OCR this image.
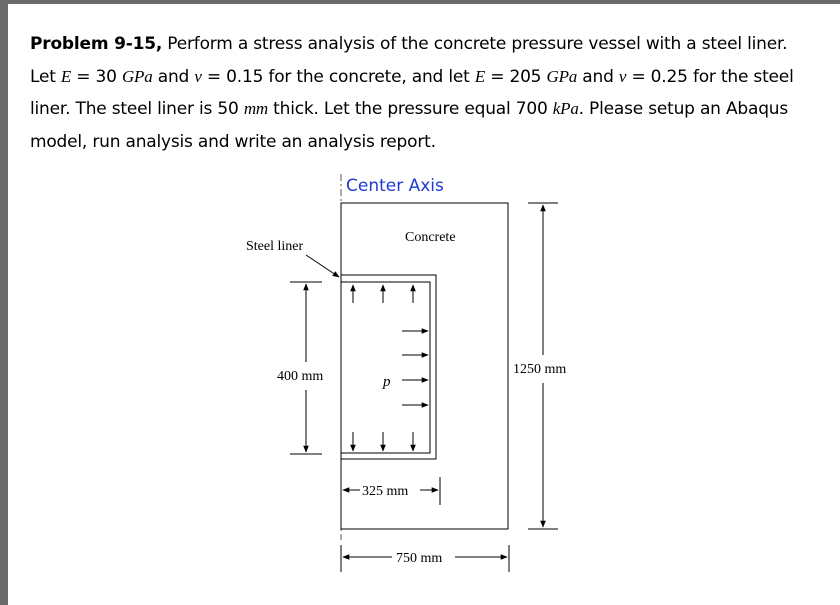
Problem 9-15, Perform a stress analysis of the concrete pressure vessel with a steel liner.
Let E = 30 GPa and v = 0.15 for the concrete, and let E = 205 GPa and v = 0.25 for the steel
liner. The steel liner is 50 mm thick. Let the pressure equal 700 kPa. Please setup an Abaqus
model, run analysis and write an analysis report.
Center Axis
Concrete
Steel liner
p
400 mm	1250 mm
325 mm
750 mm
